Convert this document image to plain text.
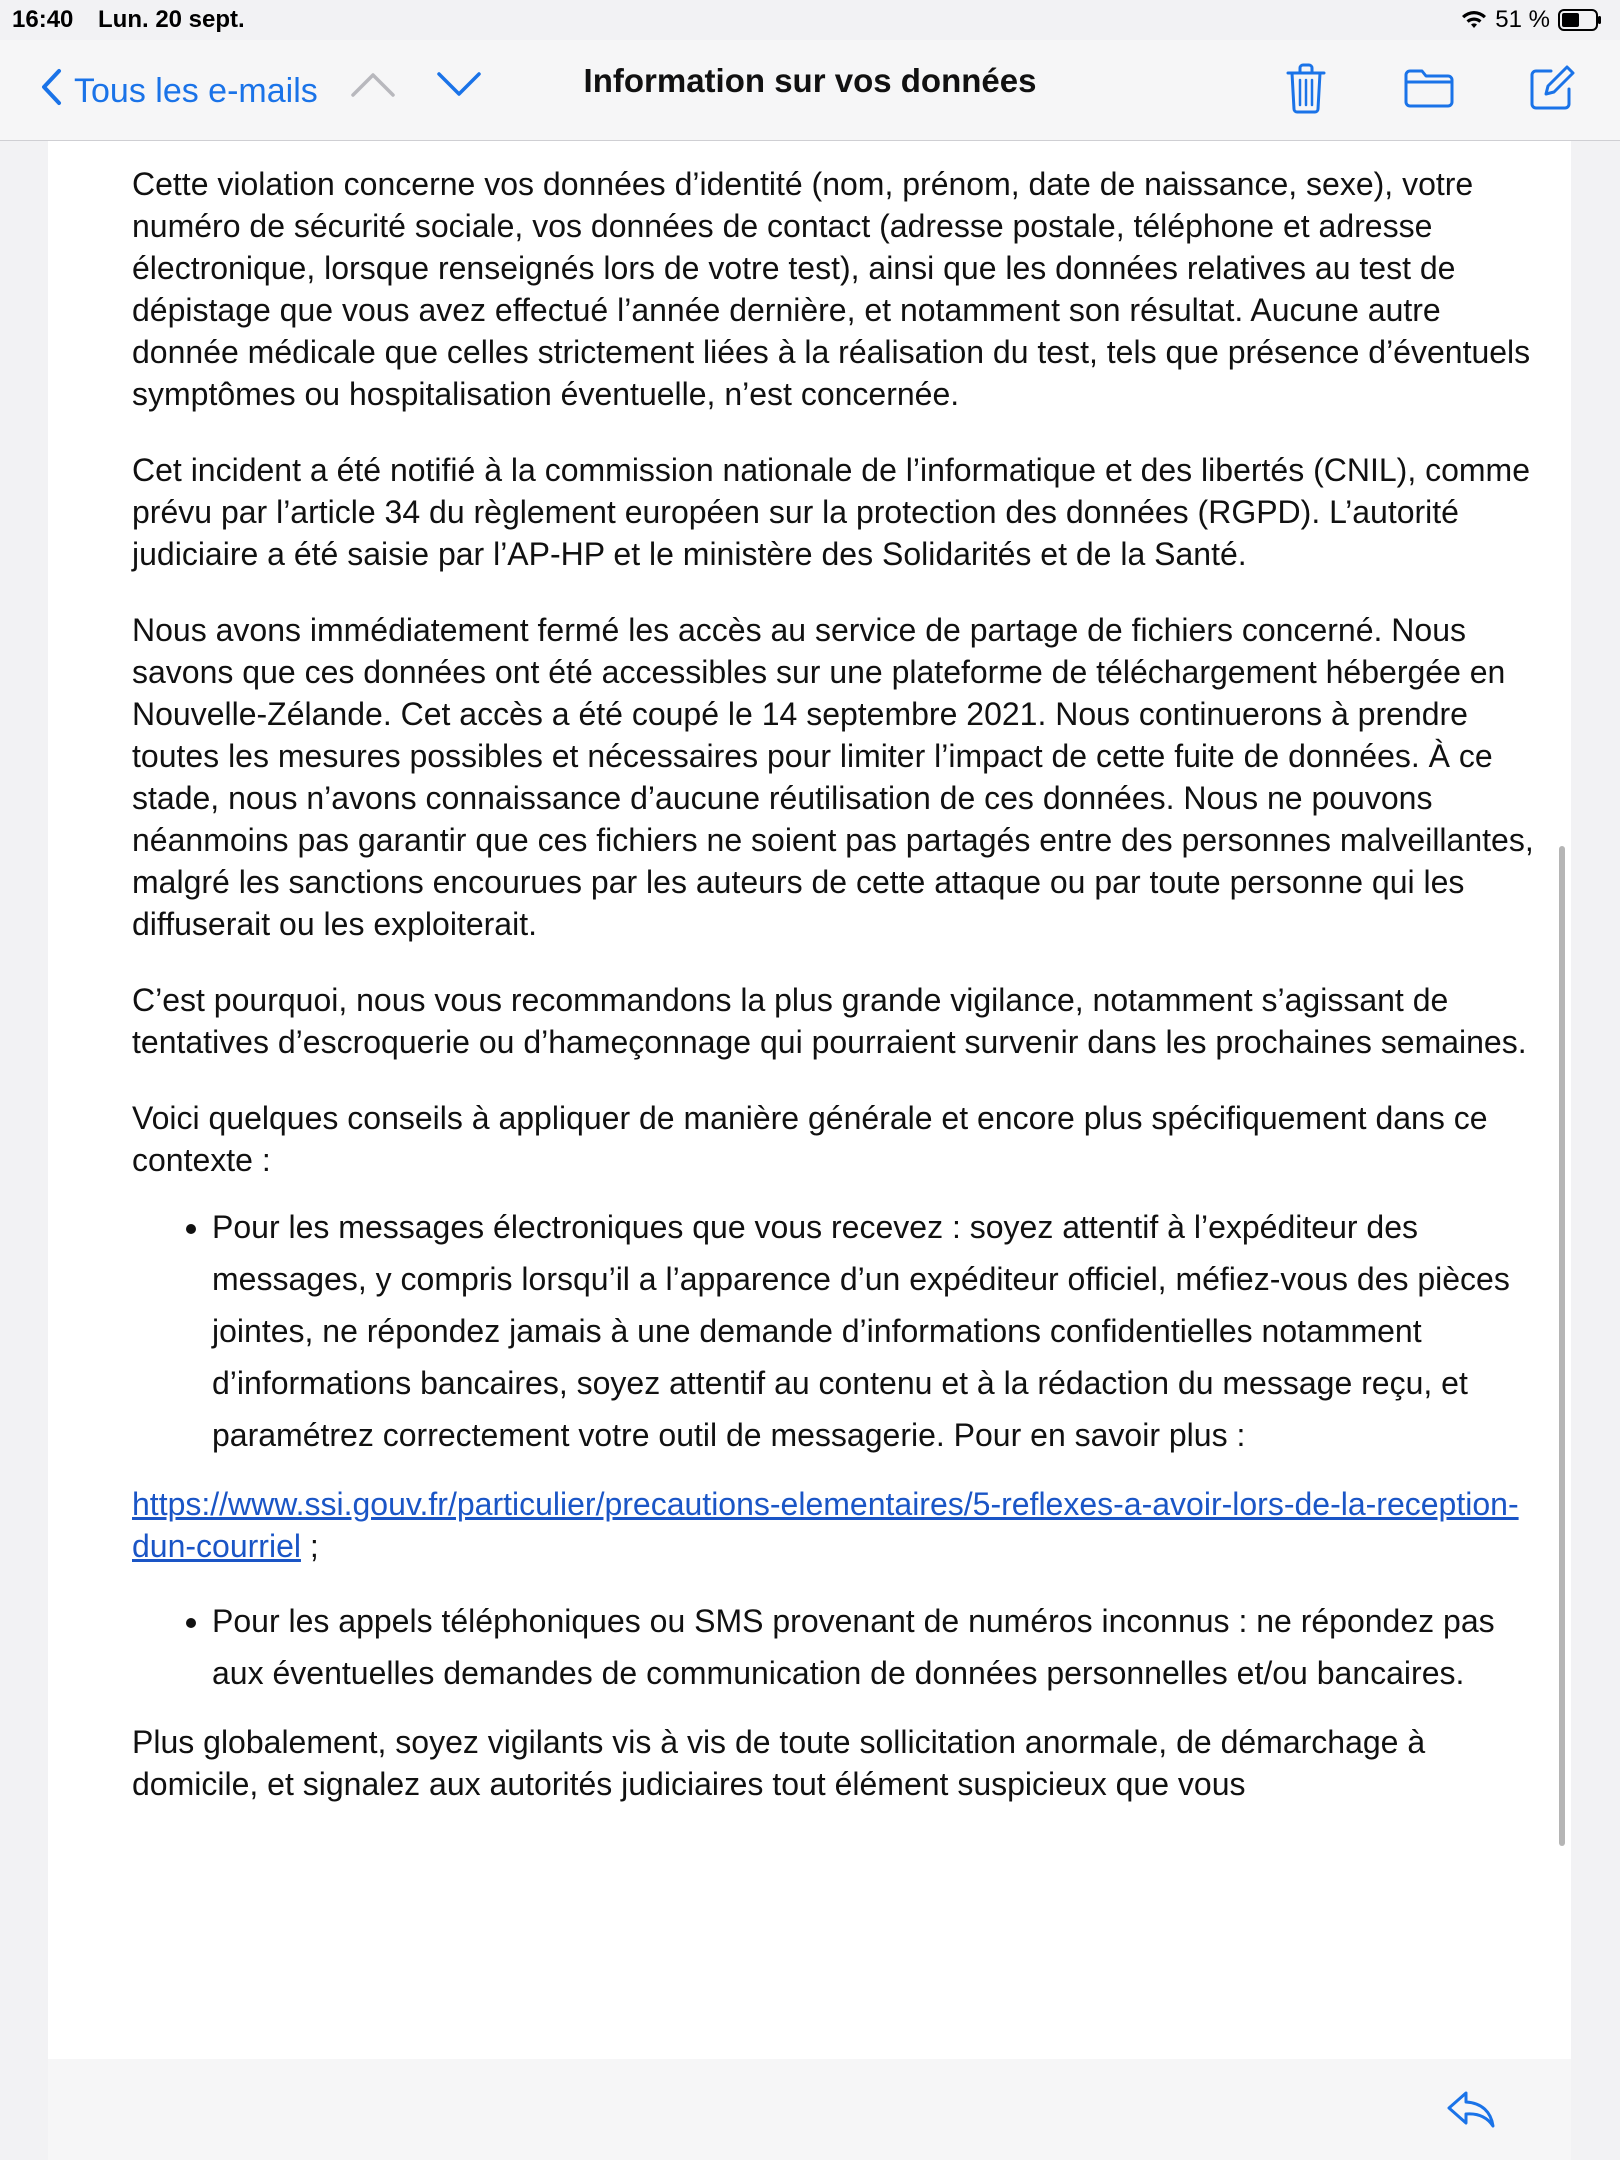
16:40 Lun. 20 sept.	51 %
Tous les e-mails	Information sur vos données

Cette violation concerne vos données d’identité (nom, prénom, date de naissance, sexe), votre numéro de sécurité sociale, vos données de contact (adresse postale, téléphone et adresse électronique, lorsque renseignés lors de votre test), ainsi que les données relatives au test de dépistage que vous avez effectué l’année dernière, et notamment son résultat. Aucune autre donnée médicale que celles strictement liées à la réalisation du test, tels que présence d’éventuels symptômes ou hospitalisation éventuelle, n’est concernée.

Cet incident a été notifié à la commission nationale de l’informatique et des libertés (CNIL), comme prévu par l’article 34 du règlement européen sur la protection des données (RGPD). L’autorité judiciaire a été saisie par l’AP-HP et le ministère des Solidarités et de la Santé.

Nous avons immédiatement fermé les accès au service de partage de fichiers concerné. Nous savons que ces données ont été accessibles sur une plateforme de téléchargement hébergée en Nouvelle-Zélande. Cet accès a été coupé le 14 septembre 2021. Nous continuerons à prendre toutes les mesures possibles et nécessaires pour limiter l’impact de cette fuite de données. À ce stade, nous n’avons connaissance d’aucune réutilisation de ces données. Nous ne pouvons néanmoins pas garantir que ces fichiers ne soient pas partagés entre des personnes malveillantes, malgré les sanctions encourues par les auteurs de cette attaque ou par toute personne qui les diffuserait ou les exploiterait.

C’est pourquoi, nous vous recommandons la plus grande vigilance, notamment s’agissant de tentatives d’escroquerie ou d’hameçonnage qui pourraient survenir dans les prochaines semaines.

Voici quelques conseils à appliquer de manière générale et encore plus spécifiquement dans ce contexte :

• Pour les messages électroniques que vous recevez : soyez attentif à l’expéditeur des messages, y compris lorsqu’il a l’apparence d’un expéditeur officiel, méfiez-vous des pièces jointes, ne répondez jamais à une demande d’informations confidentielles notamment d’informations bancaires, soyez attentif au contenu et à la rédaction du message reçu, et paramétrez correctement votre outil de messagerie. Pour en savoir plus :

https://www.ssi.gouv.fr/particulier/precautions-elementaires/5-reflexes-a-avoir-lors-de-la-reception-dun-courriel ;

• Pour les appels téléphoniques ou SMS provenant de numéros inconnus : ne répondez pas aux éventuelles demandes de communication de données personnelles et/ou bancaires.

Plus globalement, soyez vigilants vis à vis de toute sollicitation anormale, de démarchage à domicile, et signalez aux autorités judiciaires tout élément suspicieux que vous
